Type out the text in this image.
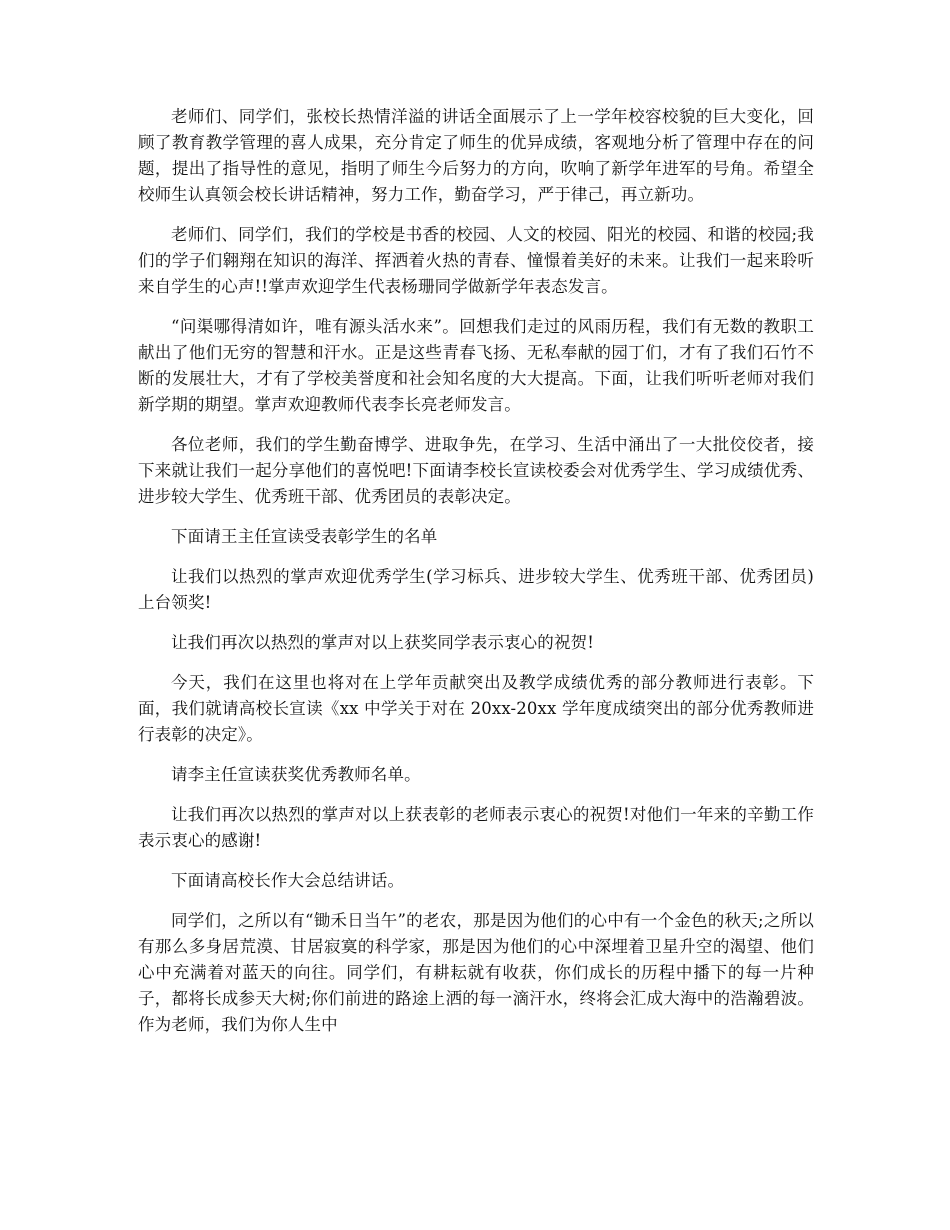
老师们、同学们，张校长热情洋溢的讲话全面展示了上一学年校容校貌的巨大变化，回顾了教育教学管理的喜人成果，充分肯定了师生的优异成绩，客观地分析了管理中存在的问题，提出了指导性的意见，指明了师生今后努力的方向，吹响了新学年进军的号角。希望全校师生认真领会校长讲话精神，努力工作，勤奋学习，严于律己，再立新功。

老师们、同学们，我们的学校是书香的校园、人文的校园、阳光的校园、和谐的校园;我们的学子们翱翔在知识的海洋、挥洒着火热的青春、憧憬着美好的未来。让我们一起来聆听来自学生的心声!!掌声欢迎学生代表杨珊同学做新学年表态发言。

“问渠哪得清如许，唯有源头活水来”。回想我们走过的风雨历程，我们有无数的教职工献出了他们无穷的智慧和汗水。正是这些青春飞扬、无私奉献的园丁们，才有了我们石竹不断的发展壮大，才有了学校美誉度和社会知名度的大大提高。下面，让我们听听老师对我们新学期的期望。掌声欢迎教师代表李长亮老师发言。

各位老师，我们的学生勤奋博学、进取争先，在学习、生活中涌出了一大批佼佼者，接下来就让我们一起分享他们的喜悦吧!下面请李校长宣读校委会对优秀学生、学习成绩优秀、进步较大学生、优秀班干部、优秀团员的表彰决定。

下面请王主任宣读受表彰学生的名单

让我们以热烈的掌声欢迎优秀学生(学习标兵、进步较大学生、优秀班干部、优秀团员)上台领奖!

让我们再次以热烈的掌声对以上获奖同学表示衷心的祝贺!

今天，我们在这里也将对在上学年贡献突出及教学成绩优秀的部分教师进行表彰。下面，我们就请高校长宣读《xx 中学关于对在 20xx-20xx 学年度成绩突出的部分优秀教师进行表彰的决定》。

请李主任宣读获奖优秀教师名单。

让我们再次以热烈的掌声对以上获表彰的老师表示衷心的祝贺!对他们一年来的辛勤工作表示衷心的感谢!

下面请高校长作大会总结讲话。

同学们，之所以有“锄禾日当午”的老农，那是因为他们的心中有一个金色的秋天;之所以有那么多身居荒漠、甘居寂寞的科学家，那是因为他们的心中深埋着卫星升空的渴望、他们心中充满着对蓝天的向往。同学们，有耕耘就有收获，你们成长的历程中播下的每一片种子，都将长成参天大树;你们前进的路途上洒的每一滴汗水，终将会汇成大海中的浩瀚碧波。作为老师，我们为你人生中
